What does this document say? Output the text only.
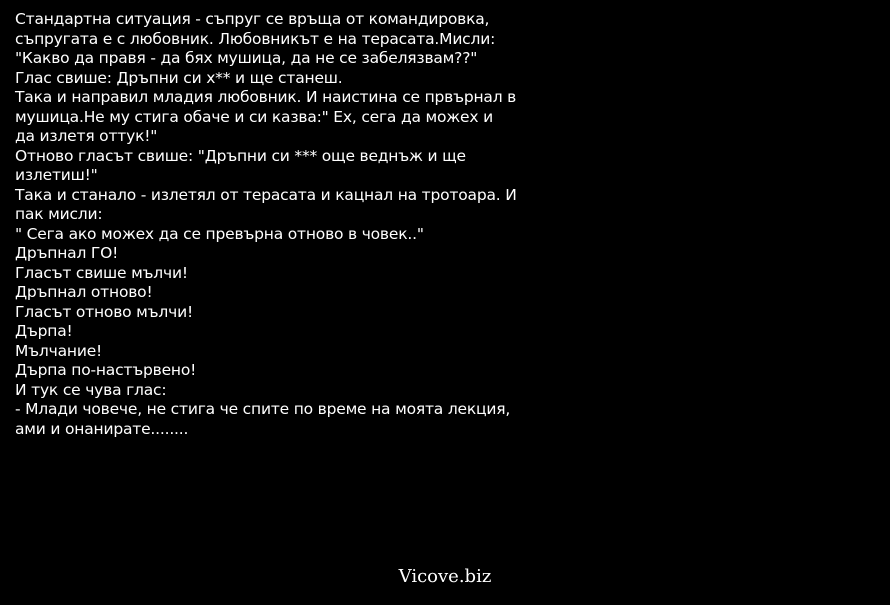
Стандартна ситуация - съпруг се връща от командировка,
съпругата е с любовник. Любовникът е на терасата.Мисли:
"Какво да правя - да бях мушица, да не се забелязвам??"
Глас свише: Дръпни си х** и ще станеш.
Така и направил младия любовник. И наистина се првърнал в
мушица.Не му стига обаче и си казва:" Ех, сега да можех и
да излетя оттук!"
Отново гласът свише: "Дръпни си *** още веднъж и ще
излетиш!"
Така и станало - излетял от терасата и кацнал на тротоара. И
пак мисли:
" Сега ако можех да се превърна отново в човек.."
Дръпнал ГО!
Гласът свише мълчи!
Дръпнал отново!
Гласът отново мълчи!
Дърпа!
Мълчание!
Дърпа по-настървено!
И тук се чува глас:
- Млади човече, не стига че спите по време на моята лекция,
ами и онанирате........
Vicove.biz
